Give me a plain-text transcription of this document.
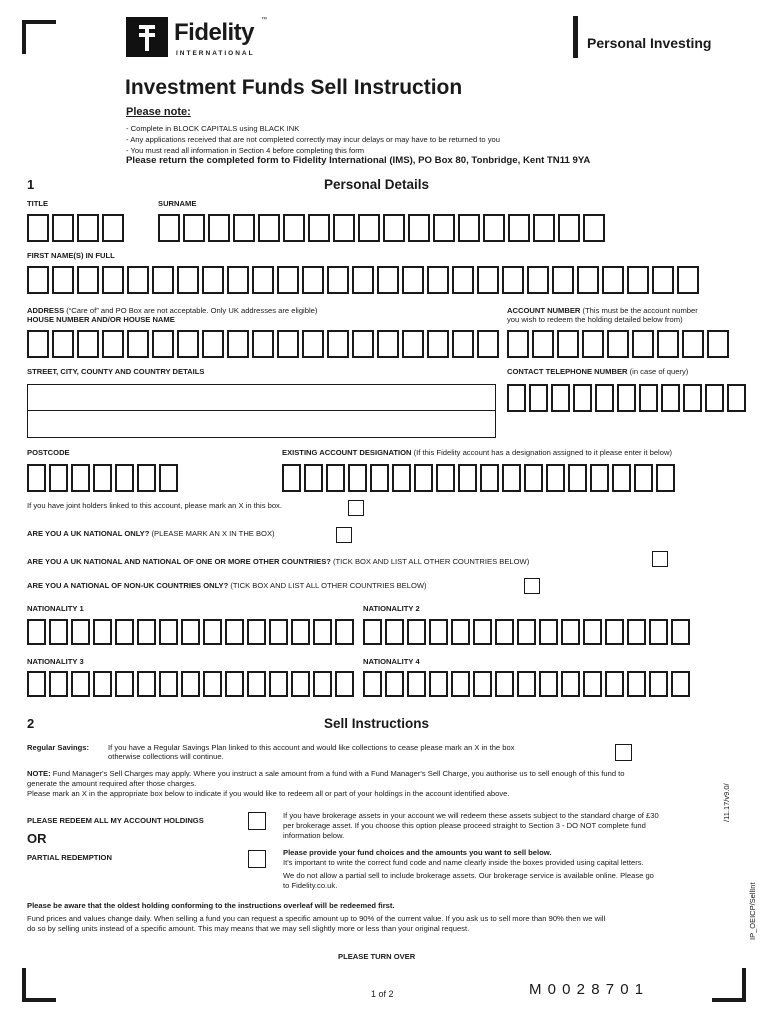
Fidelity ™
INTERNATIONAL
Personal Investing
Investment Funds Sell Instruction
Please note:
- Complete in BLOCK CAPITALS using BLACK INK
- Any applications received that are not completed correctly may incur delays or may have to be returned to you
- You must read all information in Section 4 before completing this form
Please return the completed form to Fidelity International (IMS), PO Box 80, Tonbridge, Kent TN11 9YA
1	Personal Details
TITLE	SURNAME
FIRST NAME(S) IN FULL
ADDRESS (“Care of” and PO Box are not acceptable. Only UK addresses are eligible)
HOUSE NUMBER AND/OR HOUSE NAME
ACCOUNT NUMBER (This must be the account number
you wish to redeem the holding detailed below from)
STREET, CITY, COUNTY AND COUNTRY DETAILS	CONTACT TELEPHONE NUMBER (in case of query)
POSTCODE	EXISTING ACCOUNT DESIGNATION (If this Fidelity account has a designation assigned to it please enter it below)
If you have joint holders linked to this account, please mark an X in this box.
ARE YOU A UK NATIONAL ONLY? (PLEASE MARK AN X IN THE BOX)
ARE YOU A UK NATIONAL AND NATIONAL OF ONE OR MORE OTHER COUNTRIES? (TICK BOX AND LIST ALL OTHER COUNTRIES BELOW)
ARE YOU A NATIONAL OF NON-UK COUNTRIES ONLY? (TICK BOX AND LIST ALL OTHER COUNTRIES BELOW)
NATIONALITY 1	NATIONALITY 2
NATIONALITY 3	NATIONALITY 4
2	Sell Instructions
Regular Savings: If you have a Regular Savings Plan linked to this account and would like collections to cease please mark an X in the box
otherwise collections will continue.
NOTE: Fund Manager's Sell Charges may apply. Where you instruct a sale amount from a fund with a Fund Manager's Sell Charge, you authorise us to sell enough of this fund to
generate the amount required after those charges.
Please mark an X in the appropriate box below to indicate if you would like to redeem all or part of your holdings in the account identified above.
PLEASE REDEEM ALL MY ACCOUNT HOLDINGS
If you have brokerage assets in your account we will redeem these assets subject to the standard charge of £30
per brokerage asset. If you choose this option please proceed straight to Section 3 - DO NOT complete fund
information below.
OR
PARTIAL REDEMPTION
Please provide your fund choices and the amounts you want to sell below.
It's important to write the correct fund code and name clearly inside the boxes provided using capital letters.
We do not allow a partial sell to include brokerage assets. Our brokerage service is available online. Please go
to Fidelity.co.uk.
Please be aware that the oldest holding conforming to the instructions overleaf will be redeemed first.
Fund prices and values change daily. When selling a fund you can request a specific amount up to 90% of the current value. If you ask us to sell more than 90% then we will
do so by selling units instead of a specific amount. This may means that we may sell slightly more or less than your original request.
PLEASE TURN OVER
1 of 2	M 0 0 2 8 7 0 1
/11.17/v9.0/
IP_OEICP/SellInt
